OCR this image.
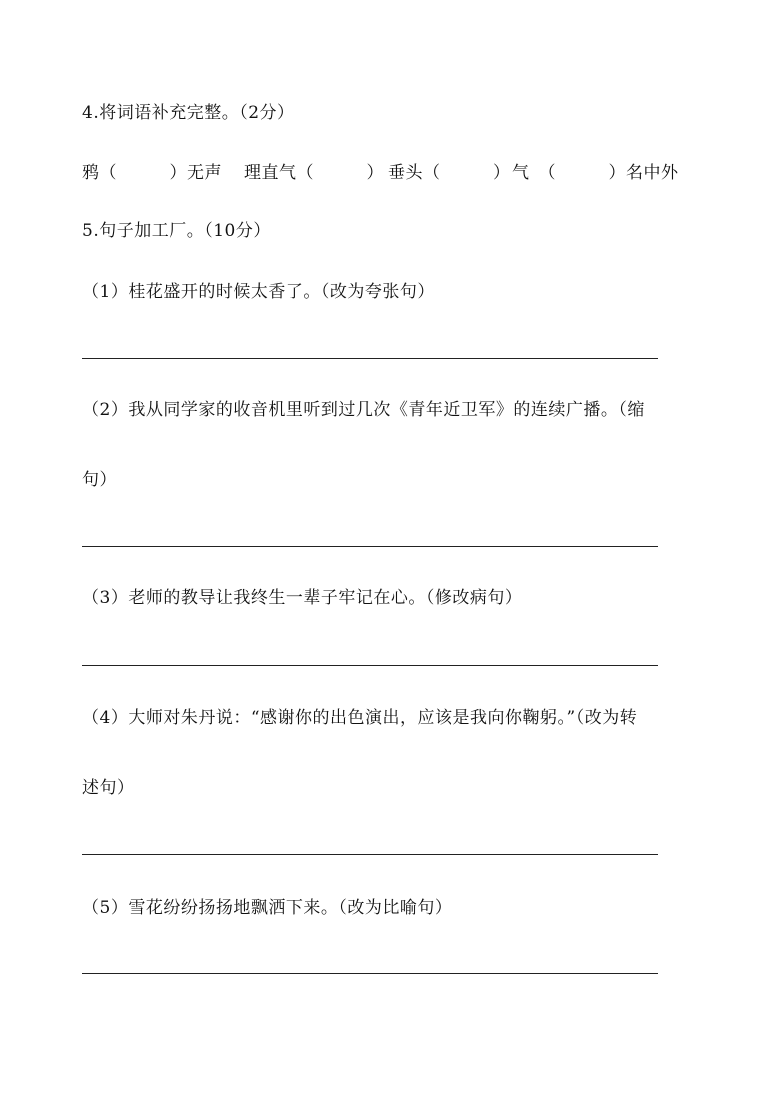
4.将词语补充完整。（2分）
鸦（　　　）无声 理直气（　　　） 垂头（　　　） 气　（　　　）名中外
5.句子加工厂。（10分）
（1）桂花盛开的时候太香了。（改为夸张句）
（2）我从同学家的收音机里听到过几次《青年近卫军》的连续广播。（缩
句）
（3）老师的教导让我终生一辈子牢记在心。（修改病句）
（4）大师对朱丹说：“感谢你的出色演出，应该是我向你鞠躬。”（改为转
述句）
（5）雪花纷纷扬扬地飘洒下来。（改为比喻句）
